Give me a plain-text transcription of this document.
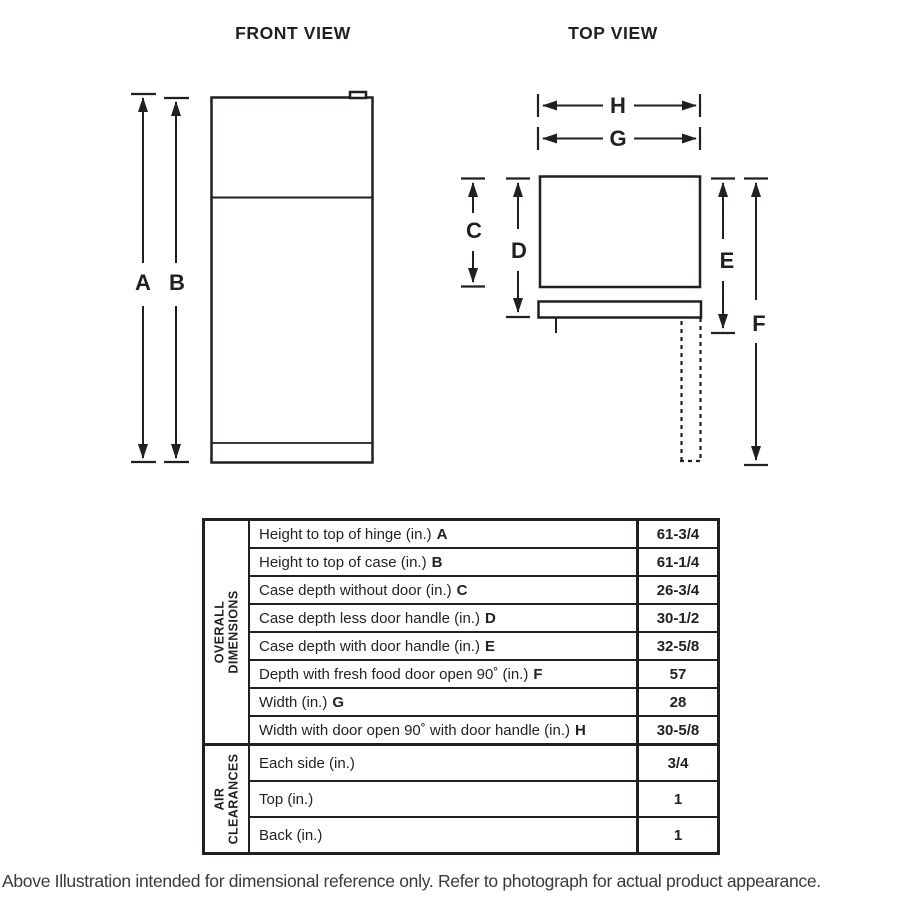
FRONT VIEW
A B
TOP VIEW
H
G
C
D	E
F
OVERALL DIMENSIONS
Height to top of hinge (in.) A	61-3/4
Height to top of case (in.) B	61-1/4
Case depth without door (in.) C	26-3/4
Case depth less door handle (in.) D	30-1/2
Case depth with door handle (in.) E	32-5/8
Depth with fresh food door open 90˚ (in.) F	57
Width (in.) G	28
Width with door open 90˚ with door handle (in.) H	30-5/8
AIR CLEARANCES Each side (in.)	3/4
Top (in.)	1
Back (in.)	1
Above Illustration intended for dimensional reference only. Refer to photograph for actual product appearance.
